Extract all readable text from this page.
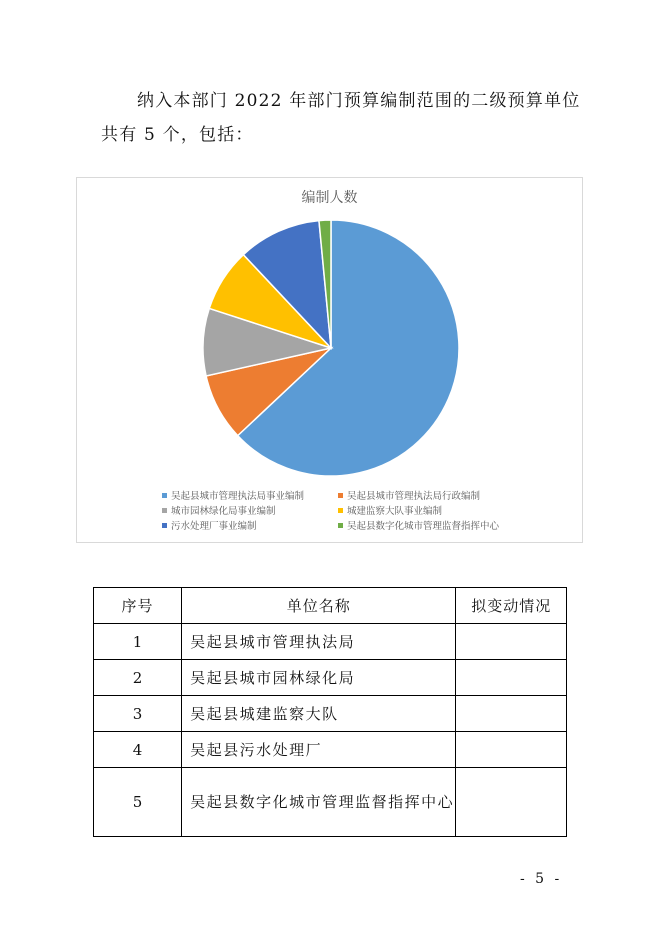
纳入本部门 2022 年部门预算编制范围的二级预算单位

共有 5 个，包括：

编制人数
吴起县城市管理执法局事业编制	吴起县城市管理执法局行政编制
城市园林绿化局事业编制	城建监察大队事业编制
污水处理厂事业编制	吴起县数字化城市管理监督指挥中心
序号	单位名称	拟变动情况
1	吴起县城市管理执法局	
2	吴起县城市园林绿化局	
3	吴起县城建监察大队	
4	吴起县污水处理厂	
5	吴起县数字化城市管理监督指挥中心	
- 5 -
